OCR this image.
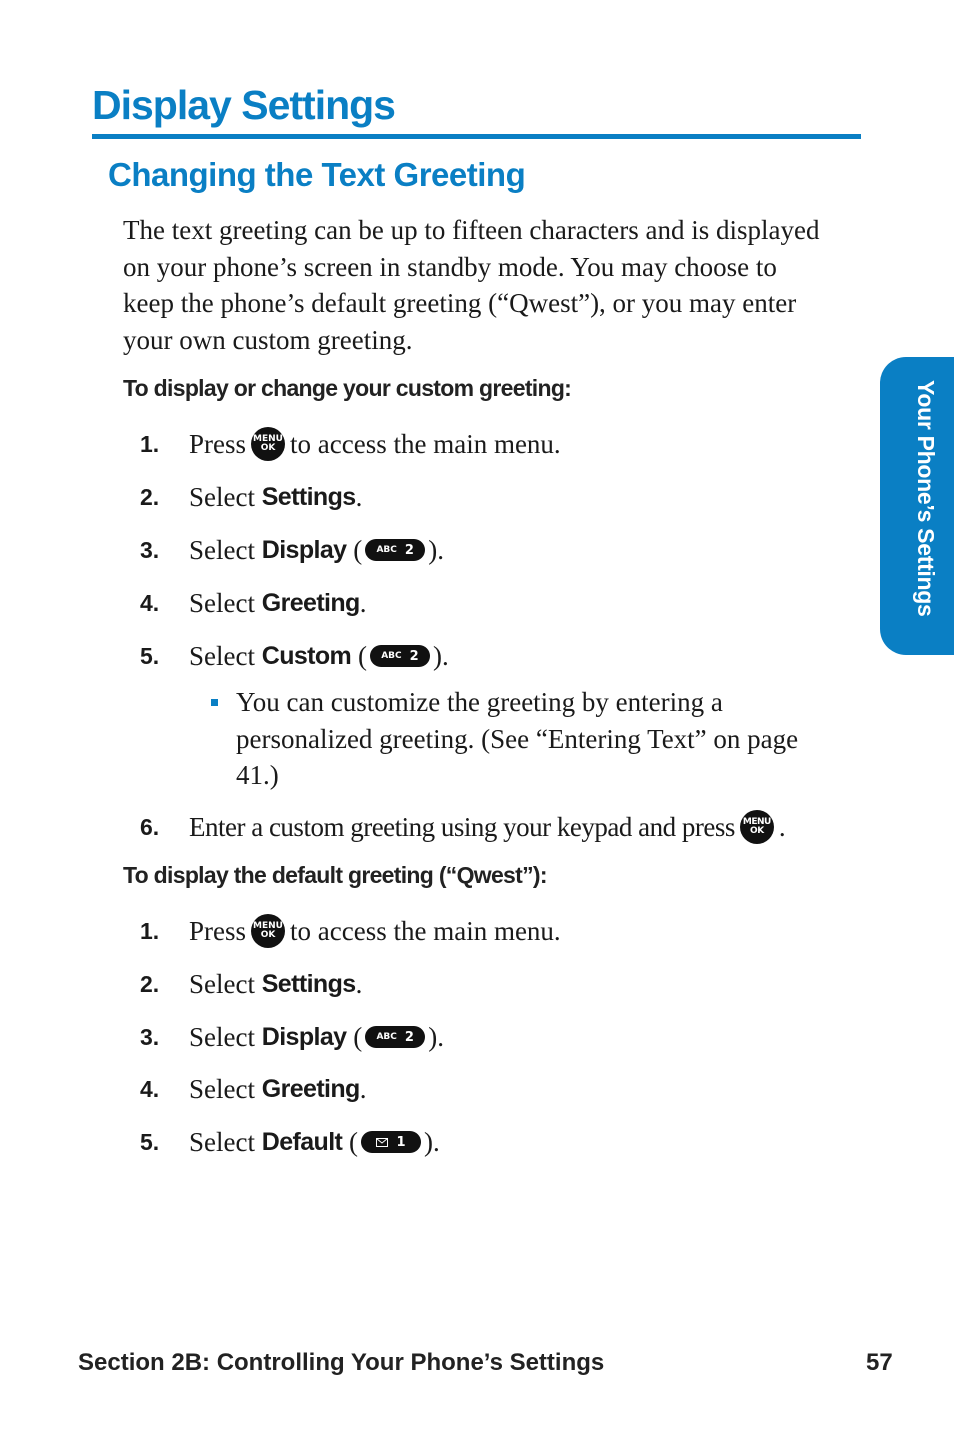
Display Settings
Changing the Text Greeting

The text greeting can be up to fifteen characters and is displayed on your phone’s screen in standby mode. You may choose to keep the phone’s default greeting (“Qwest”), or you may enter your own custom greeting.

To display or change your custom greeting:

1. Press MENU
OK to access the main menu.
2. Select
Settings .
3. Select
Display ( ABC 2 ).
4. Select
Greeting .
5. Select
Custom ( ABC 2 ).

You can customize the greeting by entering a personalized greeting. (See “Entering Text” on page 41.)

6. Enter a custom greeting using your keypad and press MENU
OK .

To display the default greeting (“Qwest”):

1. Press MENU
OK to access the main menu.
2. Select
Settings .
3. Select
Display ( ABC 2 ).
4. Select
Greeting .
5. Select
Default (	1 ).
Your Phone’s Settings

Section 2B: Controlling Your Phone’s Settings	57
